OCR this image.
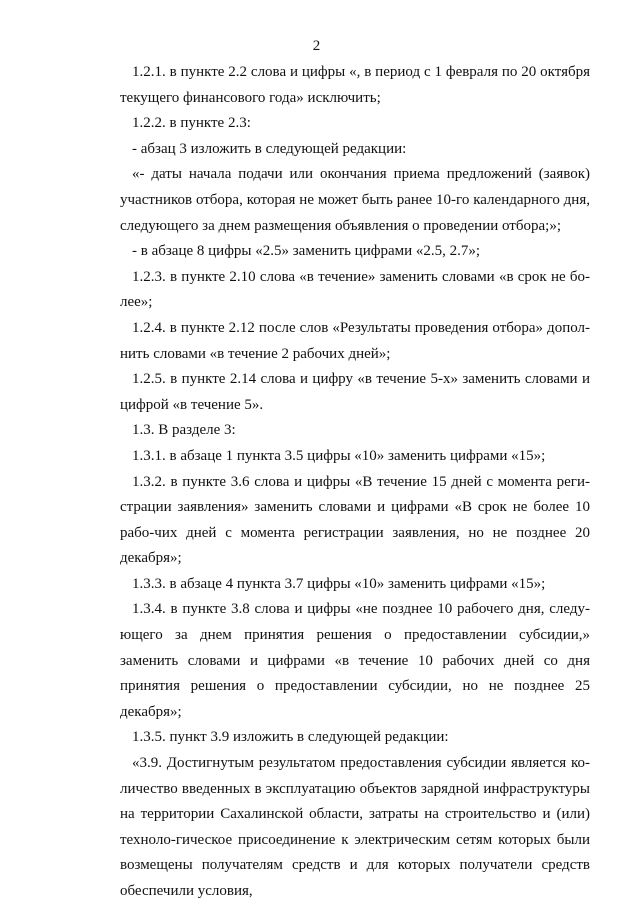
2

1.2.1. в пункте 2.2 слова и цифры «, в период с 1 февраля по 20 октября текущего финансового года» исключить;

1.2.2. в пункте 2.3:

- абзац 3 изложить в следующей редакции:

«- даты начала подачи или окончания приема предложений (заявок) участников отбора, которая не может быть ранее 10-го календарного дня, следующего за днем размещения объявления о проведении отбора;»;

- в абзаце 8 цифры «2.5» заменить цифрами «2.5, 2.7»;

1.2.3. в пункте 2.10 слова «в течение» заменить словами «в срок не бо-лее»;

1.2.4. в пункте 2.12 после слов «Результаты проведения отбора» допол-нить словами «в течение 2 рабочих дней»;

1.2.5. в пункте 2.14 слова и цифру «в течение 5-х» заменить словами и цифрой «в течение 5».

1.3. В разделе 3:

1.3.1. в абзаце 1 пункта 3.5 цифры «10» заменить цифрами «15»;

1.3.2. в пункте 3.6 слова и цифры «В течение 15 дней с момента реги-страции заявления» заменить словами и цифрами «В срок не более 10 рабо-чих дней с момента регистрации заявления, но не позднее 20 декабря»;

1.3.3. в абзаце 4 пункта 3.7 цифры «10» заменить цифрами «15»;

1.3.4. в пункте 3.8 слова и цифры «не позднее 10 рабочего дня, следу-ющего за днем принятия решения о предоставлении субсидии,» заменить словами и цифрами «в течение 10 рабочих дней со дня принятия решения о предоставлении субсидии, но не позднее 25 декабря»;

1.3.5. пункт 3.9 изложить в следующей редакции:

«3.9. Достигнутым результатом предоставления субсидии является ко-личество введенных в эксплуатацию объектов зарядной инфраструктуры на территории Сахалинской области, затраты на строительство и (или) техноло-гическое присоединение к электрическим сетям которых были возмещены получателям средств и для которых получатели средств обеспечили условия,
